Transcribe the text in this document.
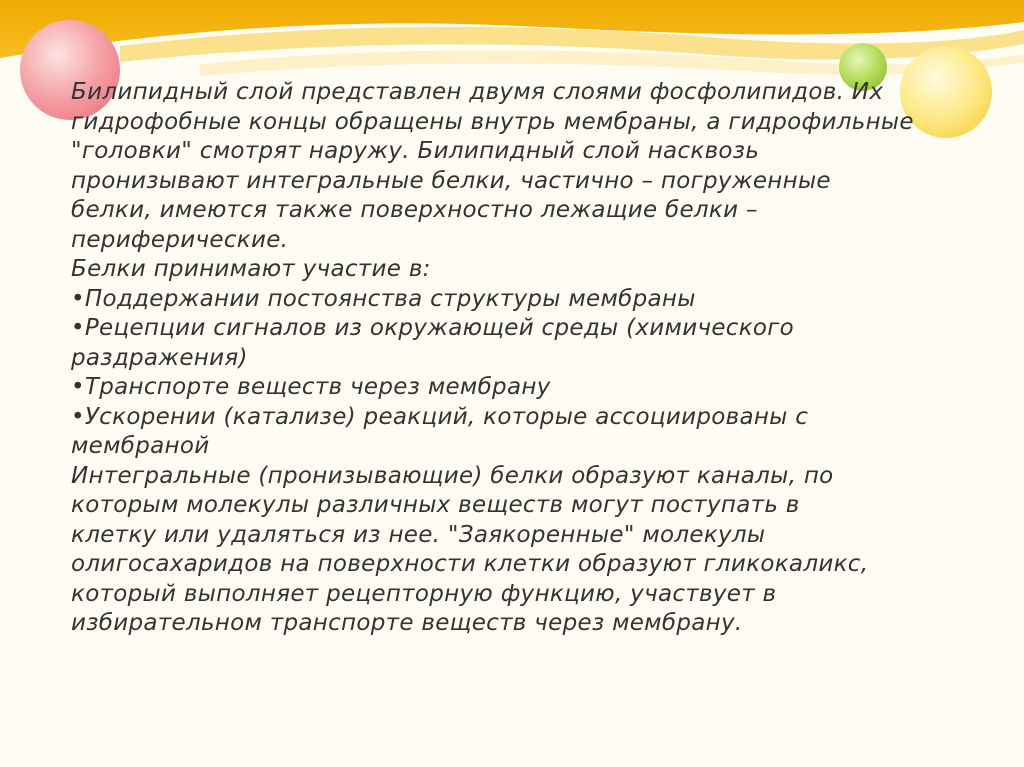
Билипидный слой представлен двумя слоями фосфолипидов. Их
гидрофобные концы обращены внутрь мембраны, а гидрофильные
"головки" смотрят наружу. Билипидный слой насквозь
пронизывают интегральные белки, частично – погруженные
белки, имеются также поверхностно лежащие белки –
периферические.
Белки принимают участие в:
•Поддержании постоянства структуры мембраны
•Рецепции сигналов из окружающей среды (химического
раздражения)
•Транспорте веществ через мембрану
•Ускорении (катализе) реакций, которые ассоциированы с
мембраной
Интегральные (пронизывающие) белки образуют каналы, по
которым молекулы различных веществ могут поступать в
клетку или удаляться из нее. "Заякоренные" молекулы
олигосахаридов на поверхности клетки образуют гликокаликс,
который выполняет рецепторную функцию, участвует в
избирательном транспорте веществ через мембрану.
